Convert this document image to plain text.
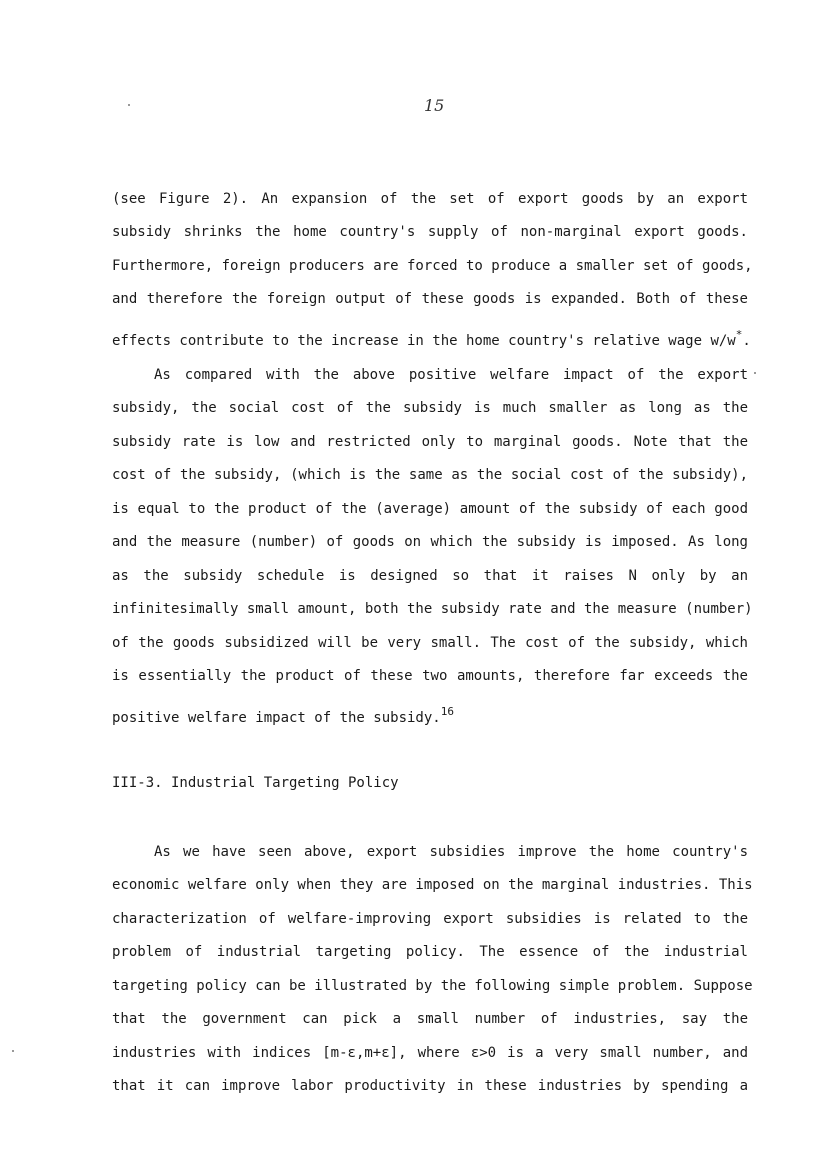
15
(see Figure 2). An expansion of the set of export goods by an export
subsidy shrinks the home country's supply of non-marginal export goods.
Furthermore, foreign producers are forced to produce a smaller set of goods,
and therefore the foreign output of these goods is expanded. Both of these
effects contribute to the increase in the home country's relative wage w/w*.
As compared with the above positive welfare impact of the export
subsidy, the social cost of the subsidy is much smaller as long as the
subsidy rate is low and restricted only to marginal goods. Note that the
cost of the subsidy, (which is the same as the social cost of the subsidy),
is equal to the product of the (average) amount of the subsidy of each good
and the measure (number) of goods on which the subsidy is imposed. As long
as the subsidy schedule is designed so that it raises N only by an
infinitesimally small amount, both the subsidy rate and the measure (number)
of the goods subsidized will be very small. The cost of the subsidy, which
is essentially the product of these two amounts, therefore far exceeds the
positive welfare impact of the subsidy.$^{16}$
III-3. Industrial Targeting Policy
As we have seen above, export subsidies improve the home country's
economic welfare only when they are imposed on the marginal industries. This
characterization of welfare-improving export subsidies is related to the
problem of industrial targeting policy. The essence of the industrial
targeting policy can be illustrated by the following simple problem. Suppose
that the government can pick a small number of industries, say the
industries with indices [m-ε,m+ε], where ε>0 is a very small number, and
that it can improve labor productivity in these industries by spending a
